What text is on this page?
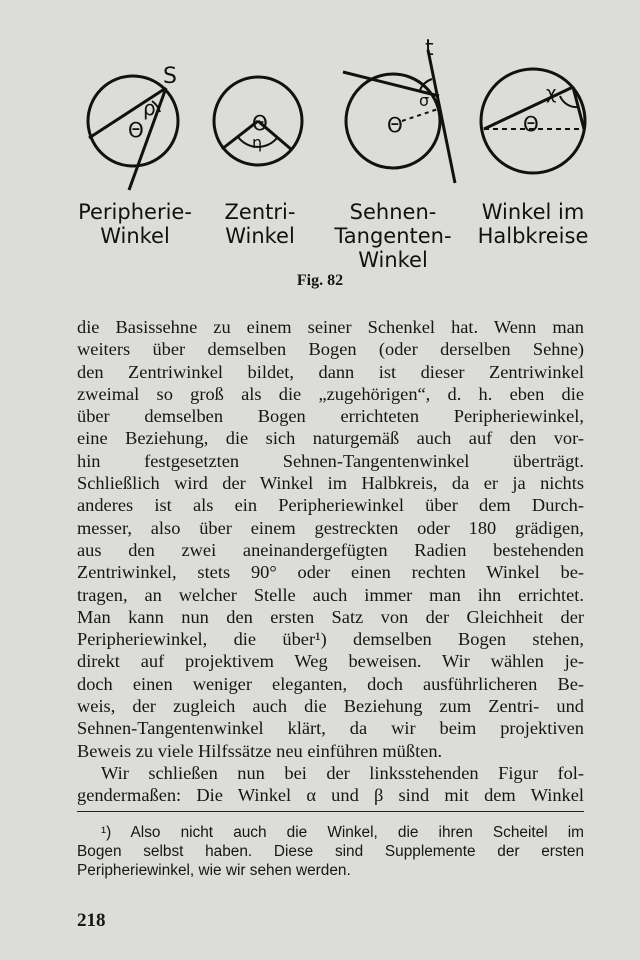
S
t
ρ
Θ	Θ
η
Θ
σ
Θ
χ
Peripherie-
Winkel
Zentri-
Winkel
Sehnen-
Tangenten-
Winkel
Winkel im
Halbkreise
Fig. 82
die Basissehne zu einem seiner Schenkel hat. Wenn man
weiters über demselben Bogen (oder derselben Sehne)
den Zentriwinkel bildet, dann ist dieser Zentriwinkel
zweimal so groß als die „zugehörigen“, d. h. eben die
über demselben Bogen errichteten Peripheriewinkel,
eine Beziehung, die sich naturgemäß auch auf den vor-
hin festgesetzten Sehnen-Tangentenwinkel überträgt.
Schließlich wird der Winkel im Halbkreis, da er ja nichts
anderes ist als ein Peripheriewinkel über dem Durch-
messer, also über einem gestreckten oder 180 grädigen,
aus den zwei aneinandergefügten Radien bestehenden
Zentriwinkel, stets 90° oder einen rechten Winkel be-
tragen, an welcher Stelle auch immer man ihn errichtet.
Man kann nun den ersten Satz von der Gleichheit der
Peripheriewinkel, die über¹) demselben Bogen stehen,
direkt auf projektivem Weg beweisen. Wir wählen je-
doch einen weniger eleganten, doch ausführlicheren Be-
weis, der zugleich auch die Beziehung zum Zentri- und
Sehnen-Tangentenwinkel klärt, da wir beim projektiven
Beweis zu viele Hilfssätze neu einführen müßten.
Wir schließen nun bei der linksstehenden Figur fol-
gendermaßen: Die Winkel α und β sind mit dem Winkel
¹) Also nicht auch die Winkel, die ihren Scheitel im
Bogen selbst haben. Diese sind Supplemente der ersten
Peripheriewinkel, wie wir sehen werden.
218
